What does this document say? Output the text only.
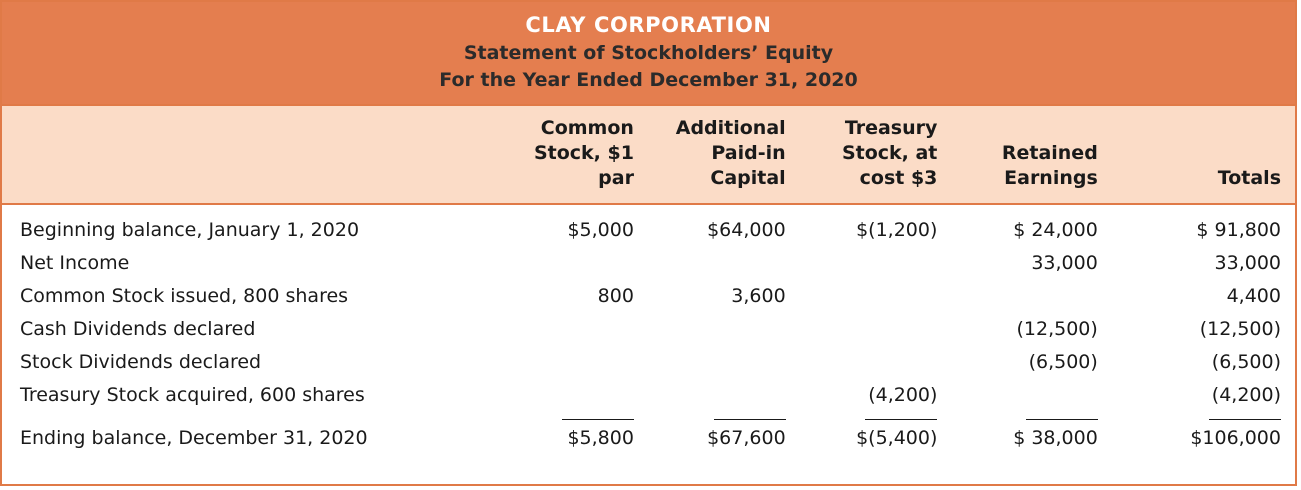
CLAY CORPORATION
Statement of Stockholders’ Equity
For the Year Ended December 31, 2020
	Common
Stock, $1
par	Additional
Paid-in
Capital	Treasury
Stock, at
cost $3	Retained
Earnings	Totals
Beginning balance, January 1, 2020	$5,000	$64,000	$(1,200)	$ 24,000	$ 91,800
Net Income				33,000	33,000
Common Stock issued, 800 shares	800	3,600			4,400
Cash Dividends declared				(12,500)	(12,500)
Stock Dividends declared				(6,500)	(6,500)
Treasury Stock acquired, 600 shares			(4,200)		(4,200)

Ending balance, December 31, 2020	$5,800	$67,600	$(5,400)	$ 38,000	$106,000
